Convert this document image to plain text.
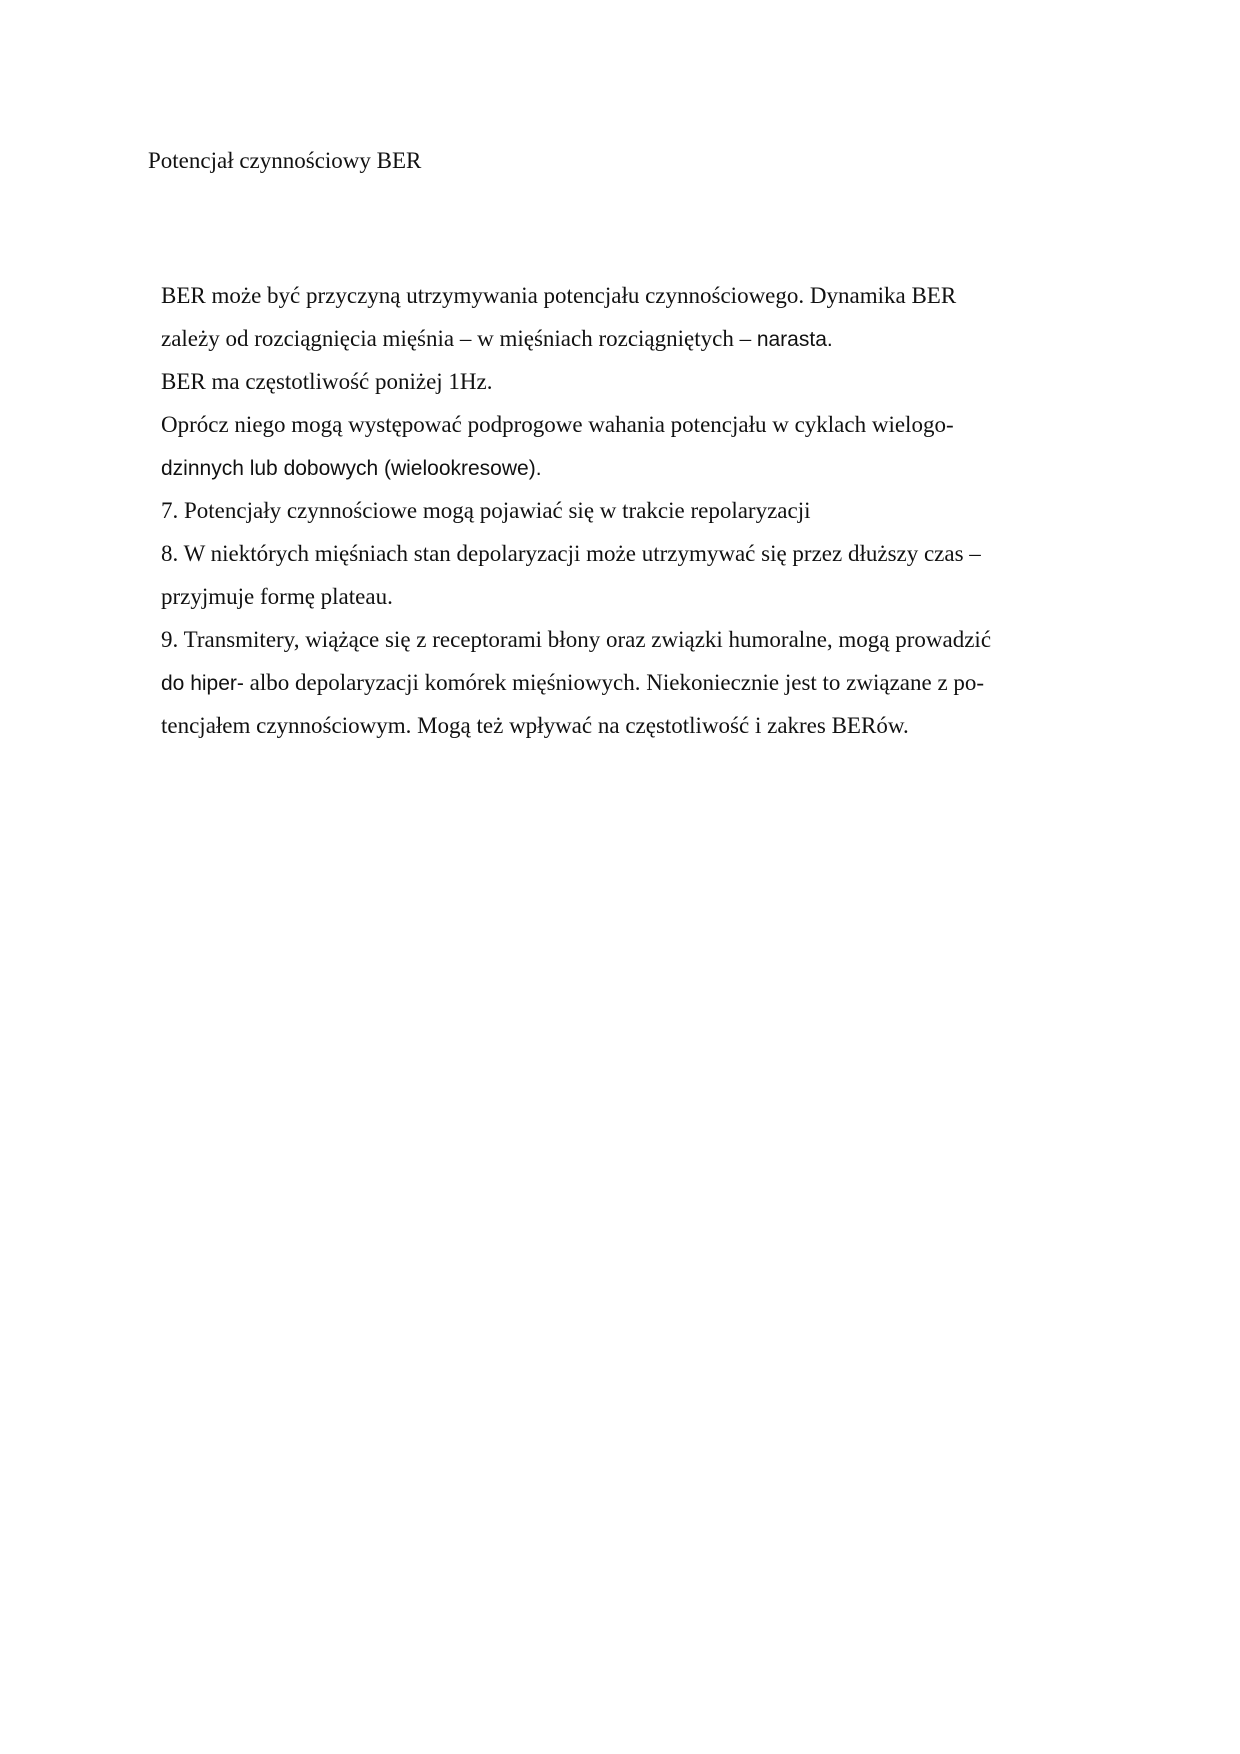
Potencjał czynnościowy BER
BER może być przyczyną utrzymywania potencjału czynnościowego. Dynamika BER
zależy od rozciągnięcia mięśnia – w mięśniach rozciągniętych – narasta.
BER ma częstotliwość poniżej 1Hz.
Oprócz niego mogą występować podprogowe wahania potencjału w cyklach wielogo-
dzinnych lub dobowych (wielookresowe).
7. Potencjały czynnościowe mogą pojawiać się w trakcie repolaryzacji
8. W niektórych mięśniach stan depolaryzacji może utrzymywać się przez dłuższy czas –
przyjmuje formę plateau.
9. Transmitery, wiążące się z receptorami błony oraz związki humoralne, mogą prowadzić
do hiper- albo depolaryzacji komórek mięśniowych. Niekoniecznie jest to związane z po-
tencjałem czynnościowym. Mogą też wpływać na częstotliwość i zakres BERów.
